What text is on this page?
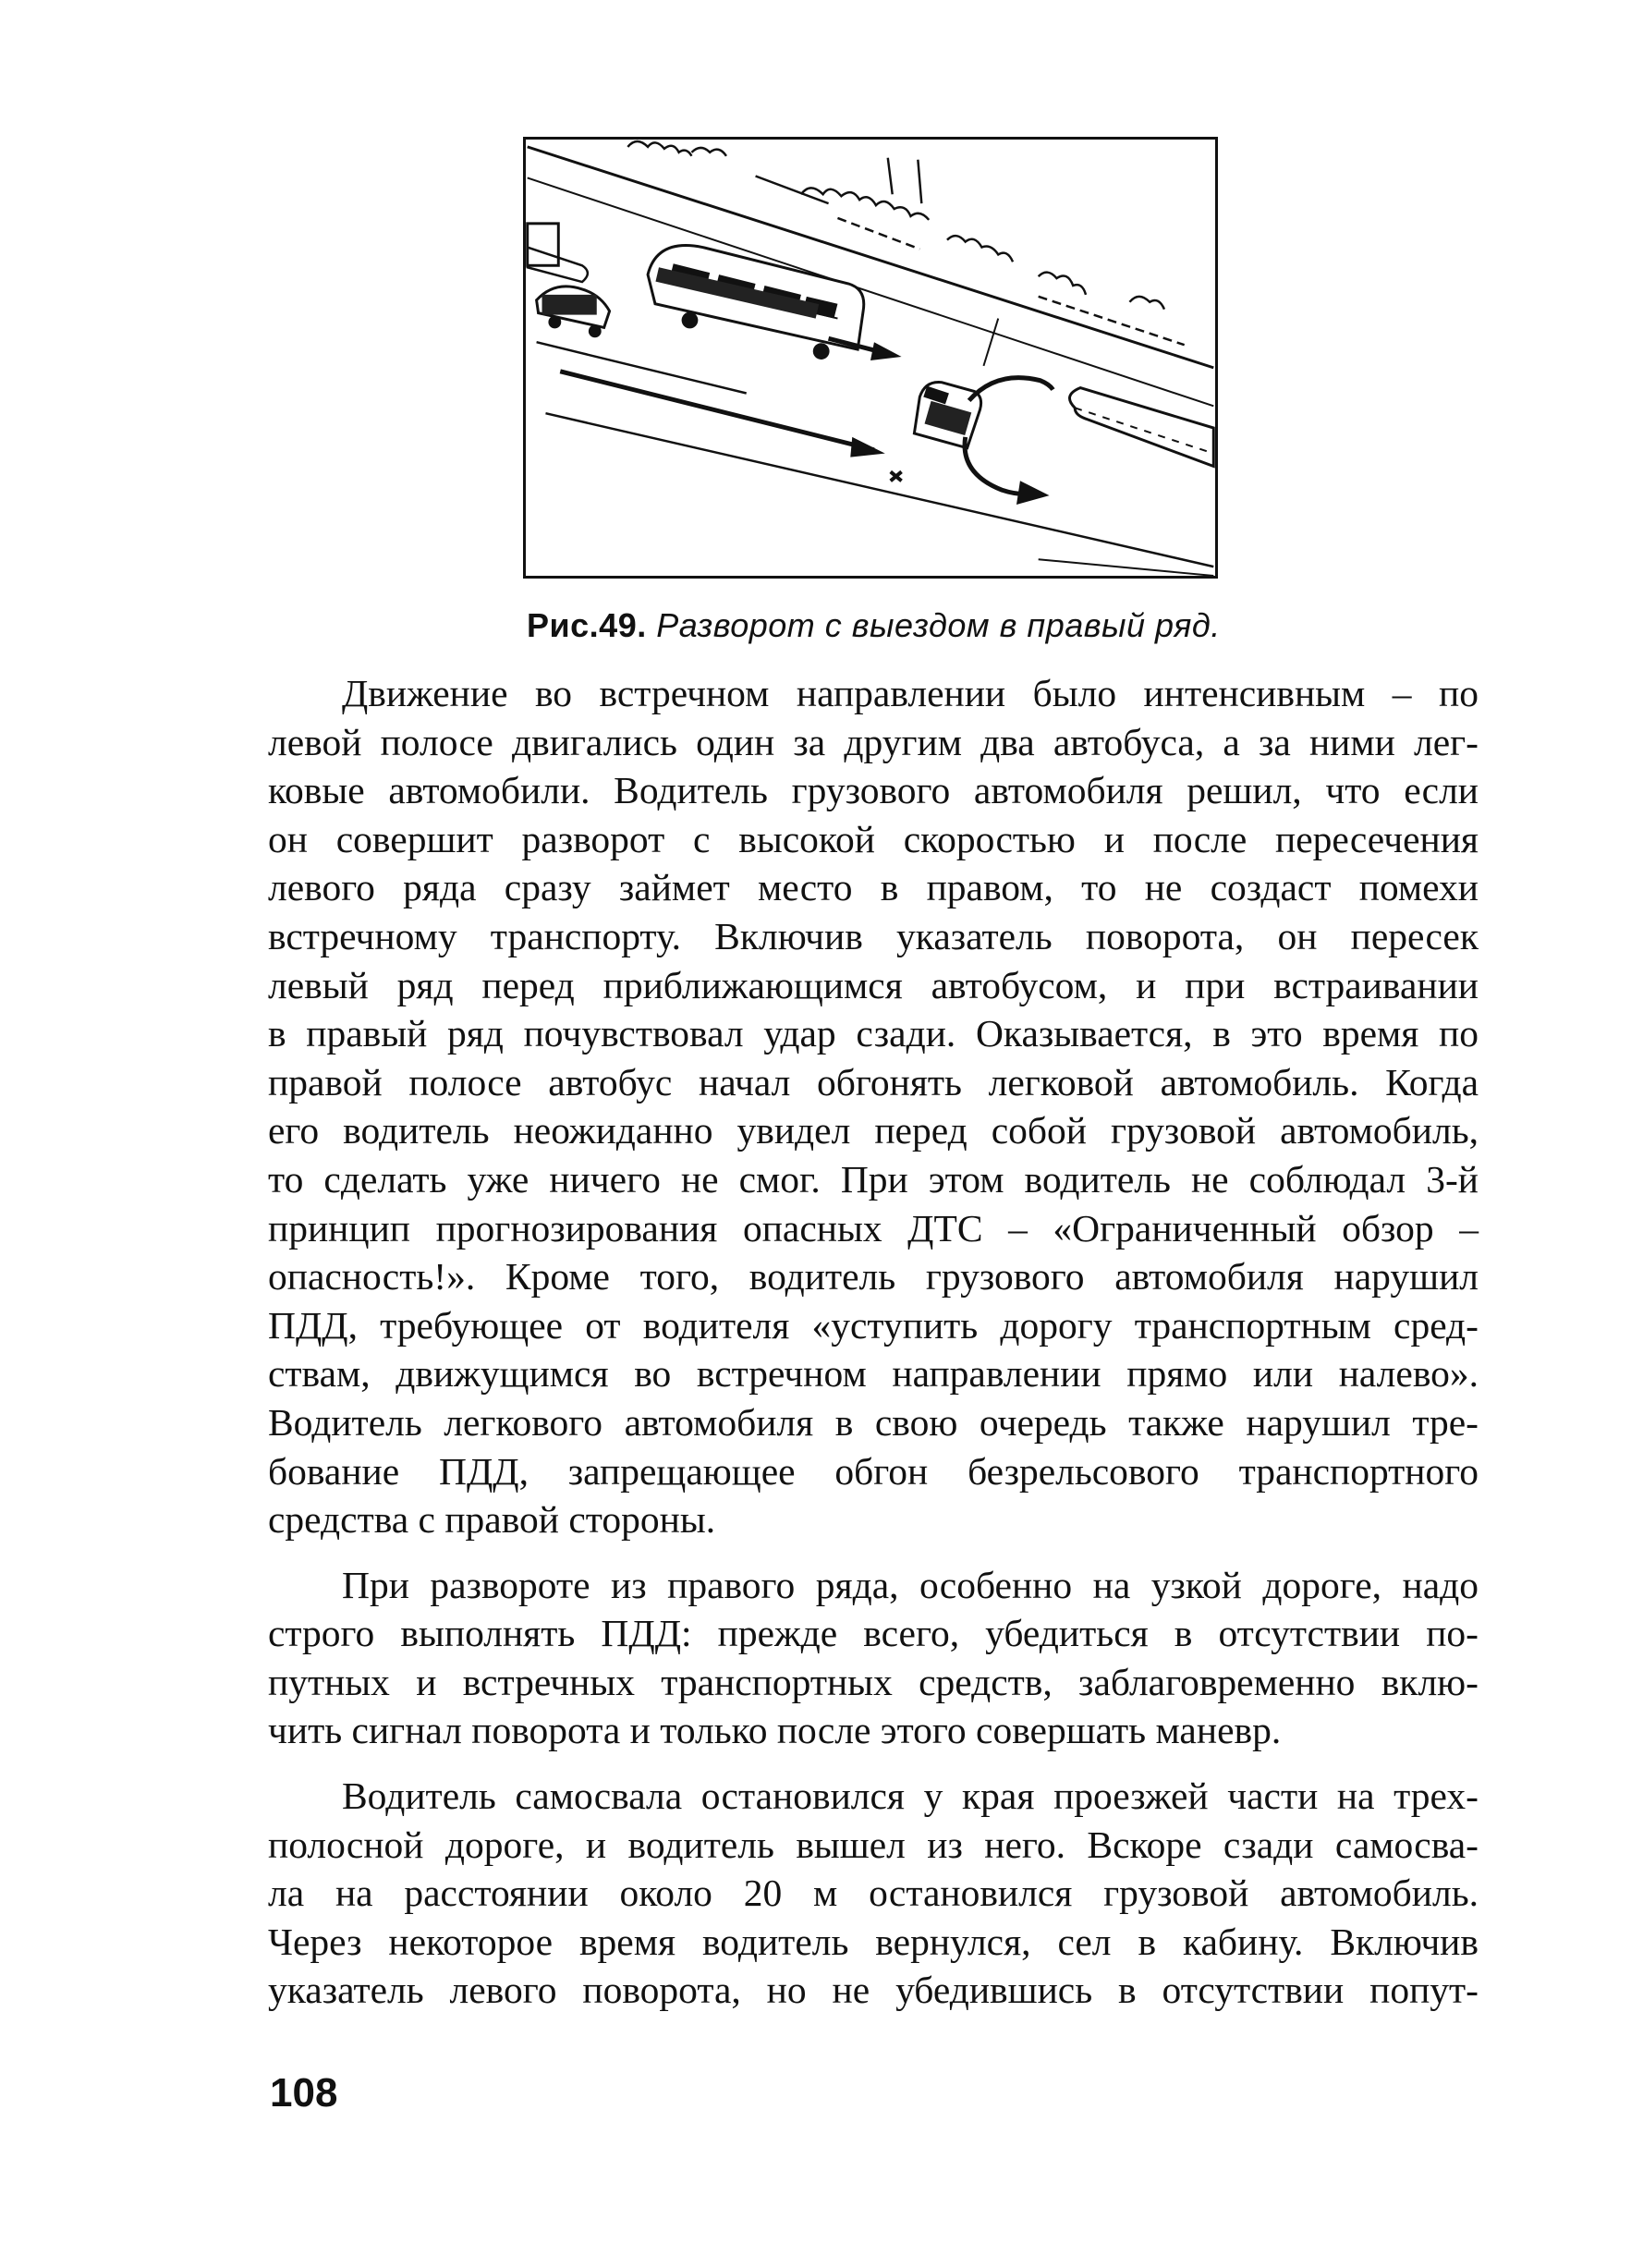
Рис.49. Разворот с выездом в правый ряд.
Движение во встречном направлении было интенсивным – по
левой полосе двигались один за другим два автобуса, а за ними лег-
ковые автомобили. Водитель грузового автомобиля решил, что если
он совершит разворот с высокой скоростью и после пересечения
левого ряда сразу займет место в правом, то не создаст помехи
встречному транспорту. Включив указатель поворота, он пересек
левый ряд перед приближающимся автобусом, и при встраивании
в правый ряд почувствовал удар сзади. Оказывается, в это время по
правой полосе автобус начал обгонять легковой автомобиль. Когда
его водитель неожиданно увидел перед собой грузовой автомобиль,
то сделать уже ничего не смог. При этом водитель не соблюдал 3-й
принцип прогнозирования опасных ДТС – «Ограниченный обзор –
опасность!». Кроме того, водитель грузового автомобиля нарушил
ПДД, требующее от водителя «уступить дорогу транспортным сред-
ствам, движущимся во встречном направлении прямо или налево».
Водитель легкового автомобиля в свою очередь также нарушил тре-
бование ПДД, запрещающее обгон безрельсового транспортного
средства с правой стороны.
При развороте из правого ряда, особенно на узкой дороге, надо
строго выполнять ПДД: прежде всего, убедиться в отсутствии по-
путных и встречных транспортных средств, заблаговременно вклю-
чить сигнал поворота и только после этого совершать маневр.
Водитель самосвала остановился у края проезжей части на трех-
полосной дороге, и водитель вышел из него. Вскоре сзади самосва-
ла на расстоянии около 20 м остановился грузовой автомобиль.
Через некоторое время водитель вернулся, сел в кабину. Включив
указатель левого поворота, но не убедившись в отсутствии попут-
108
